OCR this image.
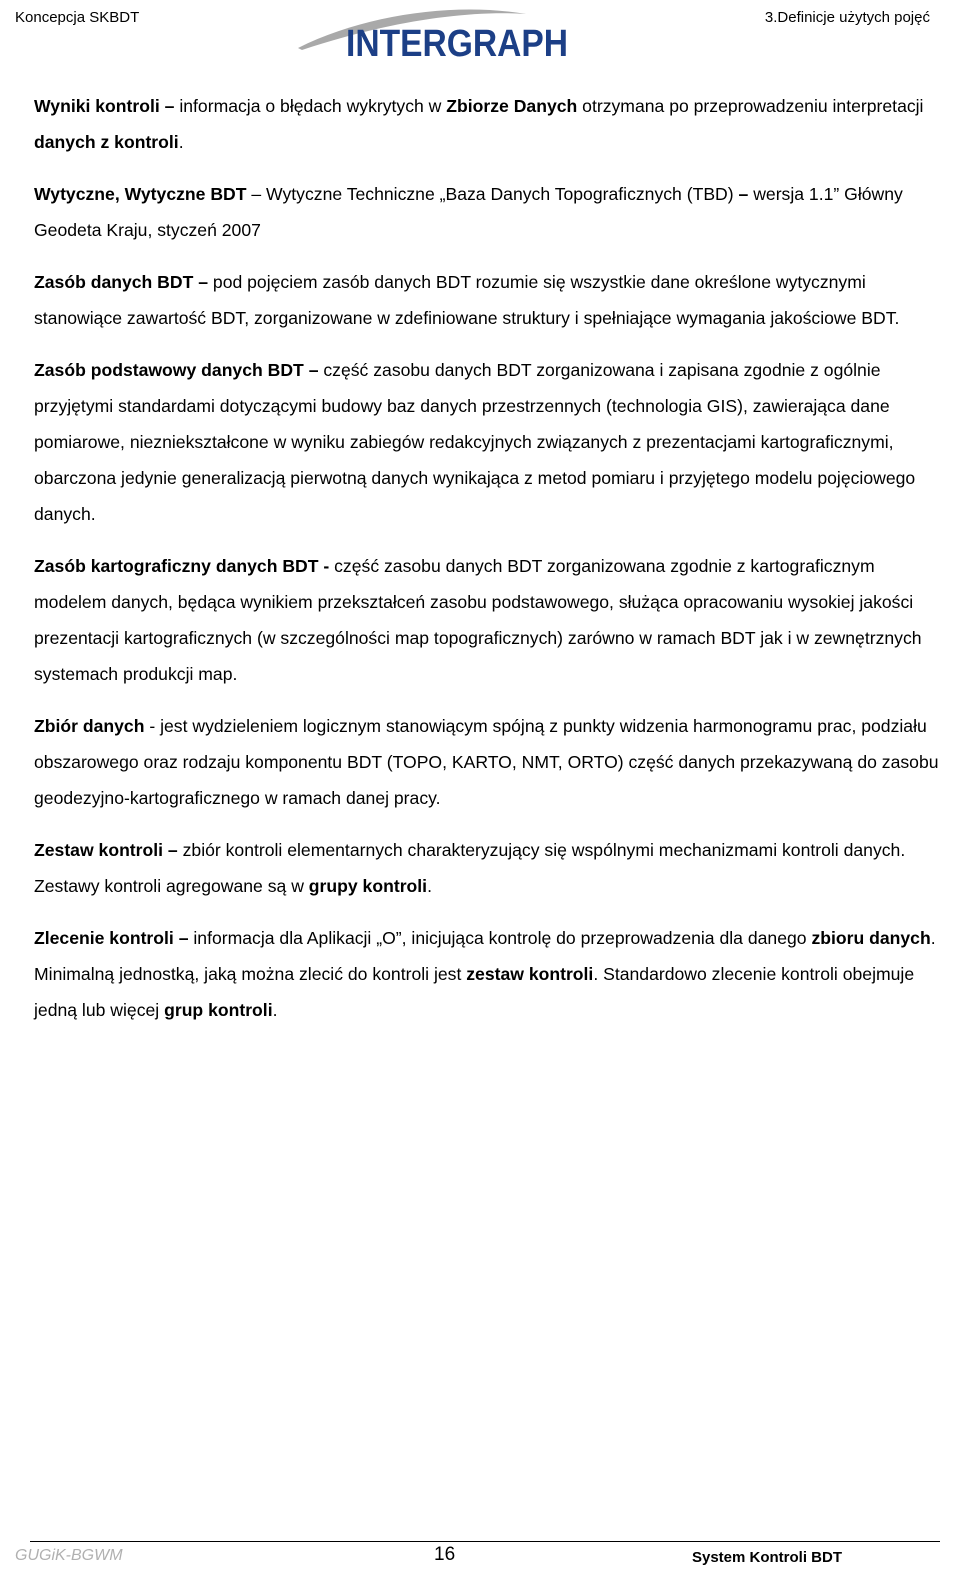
Koncepcja SKBDT
INTERGRAPH
3.Definicje użytych pojęć

Wyniki kontroli – informacja o błędach wykrytych w Zbiorze Danych otrzymana po przeprowadzeniu interpretacji danych z kontroli.

Wytyczne, Wytyczne BDT – Wytyczne Techniczne „Baza Danych Topograficznych (TBD) – wersja 1.1” Główny Geodeta Kraju, styczeń 2007

Zasób danych BDT – pod pojęciem zasób danych BDT rozumie się wszystkie dane określone wytycznymi stanowiące zawartość BDT, zorganizowane w zdefiniowane struktury i spełniające wymagania jakościowe BDT.

Zasób podstawowy danych BDT – część zasobu danych BDT zorganizowana i zapisana zgodnie z ogólnie przyjętymi standardami dotyczącymi budowy baz danych przestrzennych (technologia GIS), zawierająca dane pomiarowe, niezniekształcone w wyniku zabiegów redakcyjnych związanych z prezentacjami kartograficznymi, obarczona jedynie generalizacją pierwotną danych wynikająca z metod pomiaru i przyjętego modelu pojęciowego danych.

Zasób kartograficzny danych BDT - część zasobu danych BDT zorganizowana zgodnie z kartograficznym modelem danych, będąca wynikiem przekształceń zasobu podstawowego, służąca opracowaniu wysokiej jakości prezentacji kartograficznych (w szczególności map topograficznych) zarówno w ramach BDT jak i w zewnętrznych systemach produkcji map.

Zbiór danych - jest wydzieleniem logicznym stanowiącym spójną z punkty widzenia harmonogramu prac, podziału obszarowego oraz rodzaju komponentu BDT (TOPO, KARTO, NMT, ORTO) część danych przekazywaną do zasobu geodezyjno-kartograficznego w ramach danej pracy.

Zestaw kontroli – zbiór kontroli elementarnych charakteryzujący się wspólnymi mechanizmami kontroli danych. Zestawy kontroli agregowane są w grupy kontroli.

Zlecenie kontroli – informacja dla Aplikacji „O”, inicjująca kontrolę do przeprowadzenia dla danego zbioru danych. Minimalną jednostką, jaką można zlecić do kontroli jest zestaw kontroli. Standardowo zlecenie kontroli obejmuje jedną lub więcej grup kontroli.

GUGiK-BGWM	16	System Kontroli BDT
